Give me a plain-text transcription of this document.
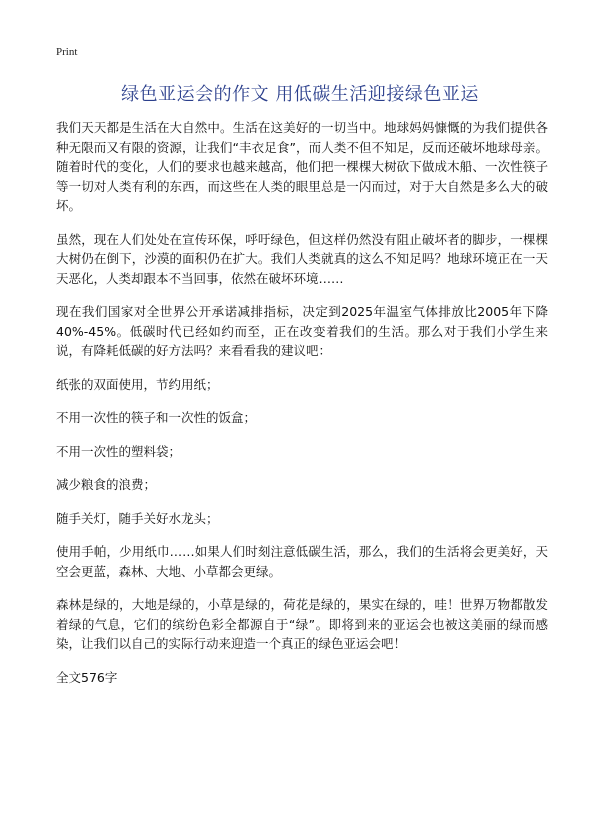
Print
绿色亚运会的作文 用低碳生活迎接绿色亚运

我们天天都是生活在大自然中。生活在这美好的一切当中。地球妈妈慷慨的为我们提供各种无限而又有限的资源，让我们“丰衣足食”，而人类不但不知足，反而还破坏地球母亲。随着时代的变化，人们的要求也越来越高，他们把一棵棵大树砍下做成木船、一次性筷子等一切对人类有利的东西，而这些在人类的眼里总是一闪而过，对于大自然是多么大的破坏。

虽然，现在人们处处在宣传环保，呼吁绿色，但这样仍然没有阻止破坏者的脚步，一棵棵大树仍在倒下，沙漠的面积仍在扩大。我们人类就真的这么不知足吗？地球环境正在一天天恶化，人类却跟本不当回事，依然在破坏环境……

现在我们国家对全世界公开承诺减排指标，决定到2025年温室气体排放比2005年下降40%-45%。低碳时代已经如约而至，正在改变着我们的生活。那么对于我们小学生来说，有降耗低碳的好方法吗？来看看我的建议吧：

纸张的双面使用，节约用纸；

不用一次性的筷子和一次性的饭盒；

不用一次性的塑料袋；

减少粮食的浪费；

随手关灯，随手关好水龙头；

使用手帕，少用纸巾……如果人们时刻注意低碳生活，那么，我们的生活将会更美好，天空会更蓝，森林、大地、小草都会更绿。

森林是绿的，大地是绿的，小草是绿的，荷花是绿的，果实在绿的，哇！世界万物都散发着绿的气息，它们的缤纷色彩全都源自于“绿”。即将到来的亚运会也被这美丽的绿而感染，让我们以自己的实际行动来迎造一个真正的绿色亚运会吧！

全文576字
